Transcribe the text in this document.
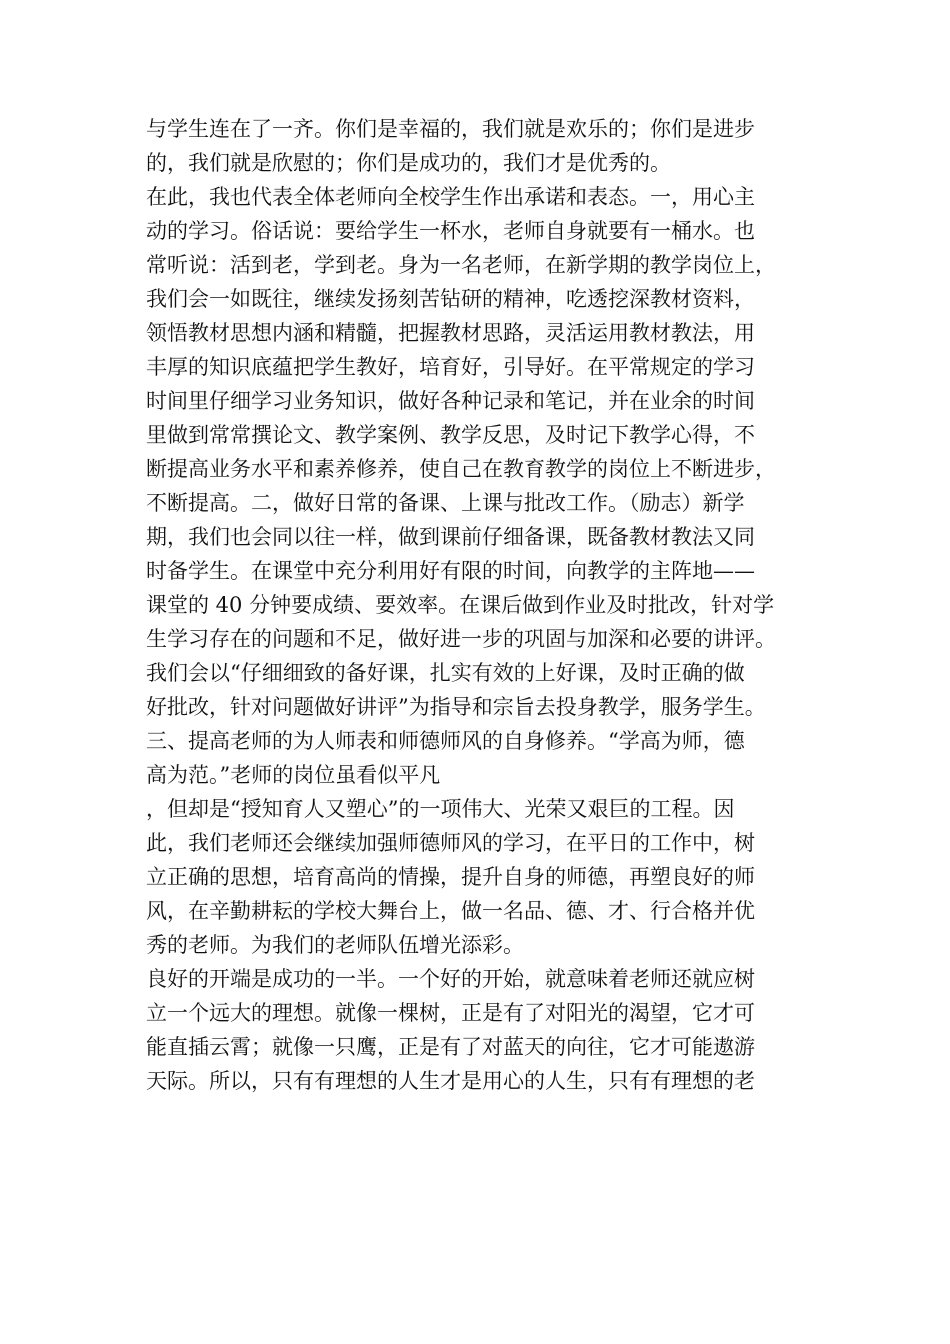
与学生连在了一齐。你们是幸福的，我们就是欢乐的；你们是进步
的，我们就是欣慰的；你们是成功的，我们才是优秀的。
在此，我也代表全体老师向全校学生作出承诺和表态。一，用心主
动的学习。俗话说：要给学生一杯水，老师自身就要有一桶水。也
常听说：活到老，学到老。身为一名老师，在新学期的教学岗位上，
我们会一如既往，继续发扬刻苦钻研的精神，吃透挖深教材资料，
领悟教材思想内涵和精髓，把握教材思路，灵活运用教材教法，用
丰厚的知识底蕴把学生教好，培育好，引导好。在平常规定的学习
时间里仔细学习业务知识，做好各种记录和笔记，并在业余的时间
里做到常常撰论文、教学案例、教学反思，及时记下教学心得，不
断提高业务水平和素养修养，使自己在教育教学的岗位上不断进步，
不断提高。二，做好日常的备课、上课与批改工作。（励志）新学
期，我们也会同以往一样，做到课前仔细备课，既备教材教法又同
时备学生。在课堂中充分利用好有限的时间，向教学的主阵地——
课堂的 40 分钟要成绩、要效率。在课后做到作业及时批改，针对学
生学习存在的问题和不足，做好进一步的巩固与加深和必要的讲评。
我们会以“仔细细致的备好课，扎实有效的上好课，及时正确的做
好批改，针对问题做好讲评”为指导和宗旨去投身教学，服务学生。
三、提高老师的为人师表和师德师风的自身修养。“学高为师，德
高为范。”老师的岗位虽看似平凡
，但却是“授知育人又塑心”的一项伟大、光荣又艰巨的工程。因
此，我们老师还会继续加强师德师风的学习，在平日的工作中，树
立正确的思想，培育高尚的情操，提升自身的师德，再塑良好的师
风，在辛勤耕耘的学校大舞台上，做一名品、德、才、行合格并优
秀的老师。为我们的老师队伍增光添彩。
良好的开端是成功的一半。一个好的开始，就意味着老师还就应树
立一个远大的理想。就像一棵树，正是有了对阳光的渴望，它才可
能直插云霄；就像一只鹰，正是有了对蓝天的向往，它才可能遨游
天际。所以，只有有理想的人生才是用心的人生，只有有理想的老
